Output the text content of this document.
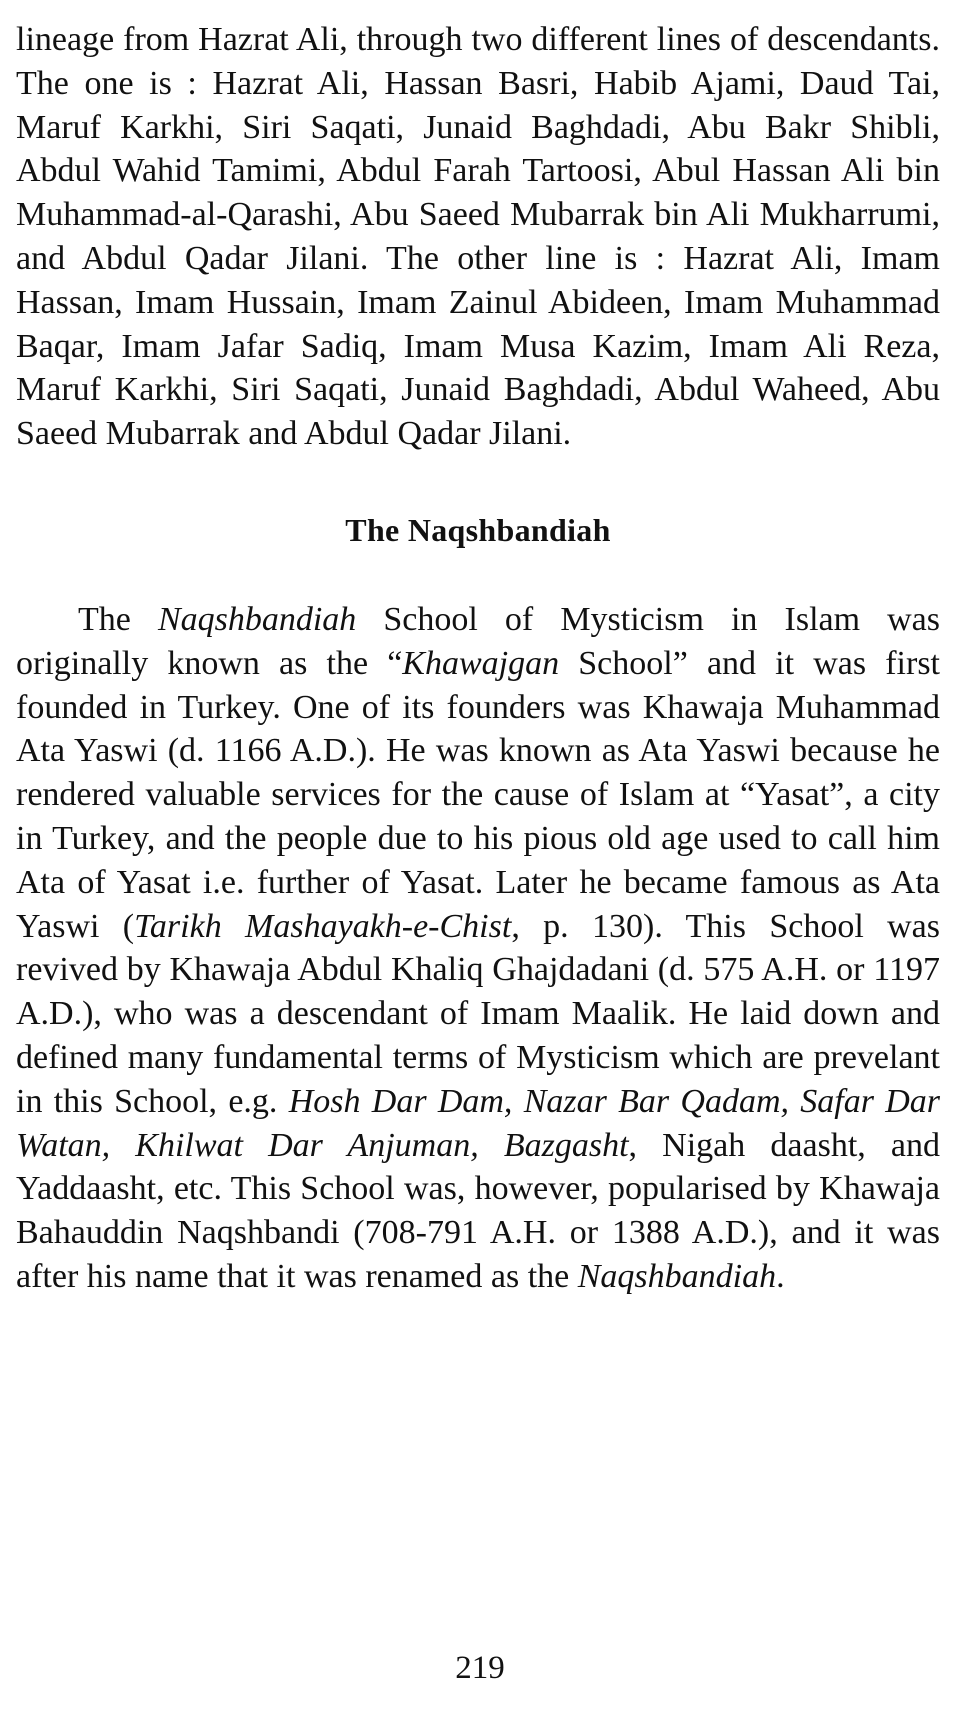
lineage from Hazrat Ali, through two different lines of descendants. The one is : Hazrat Ali, Hassan Basri, Habib Ajami, Daud Tai, Maruf Karkhi, Siri Saqati, Junaid Baghdadi, Abu Bakr Shibli, Abdul Wahid Tamimi, Abdul Farah Tartoosi, Abul Hassan Ali bin Muhammad-al-Qarashi, Abu Saeed Mubarrak bin Ali Mukharrumi, and Abdul Qadar Jilani. The other line is : Hazrat Ali, Imam Hassan, Imam Hussain, Imam Zainul Abideen, Imam Muhammad Baqar, Imam Jafar Sadiq, Imam Musa Kazim, Imam Ali Reza, Maruf Karkhi, Siri Saqati, Junaid Baghdadi, Abdul Waheed, Abu Saeed Mubarrak and Abdul Qadar Jilani.

The Naqshbandiah

The Naqshbandiah School of Mysticism in Islam was originally known as the “Khawajgan School” and it was first founded in Turkey. One of its founders was Khawaja Muhammad Ata Yaswi (d. 1166 A.D.). He was known as Ata Yaswi because he rendered valuable services for the cause of Islam at “Yasat”, a city in Turkey, and the people due to his pious old age used to call him Ata of Yasat i.e. further of Yasat. Later he became famous as Ata Yaswi (Tarikh Mashayakh-e-Chist, p. 130). This School was revived by Khawaja Abdul Khaliq Ghajdadani (d. 575 A.H. or 1197 A.D.), who was a descendant of Imam Maalik. He laid down and defined many fundamental terms of Mysticism which are prevelant in this School, e.g. Hosh Dar Dam, Nazar Bar Qadam, Safar Dar Watan, Khilwat Dar Anjuman, Bazgasht, Nigah daasht, and Yaddaasht, etc. This School was, however, popularised by Khawaja Bahauddin Naqshbandi (708-791 A.H. or 1388 A.D.), and it was after his name that it was renamed as the Naqshbandiah.

219
